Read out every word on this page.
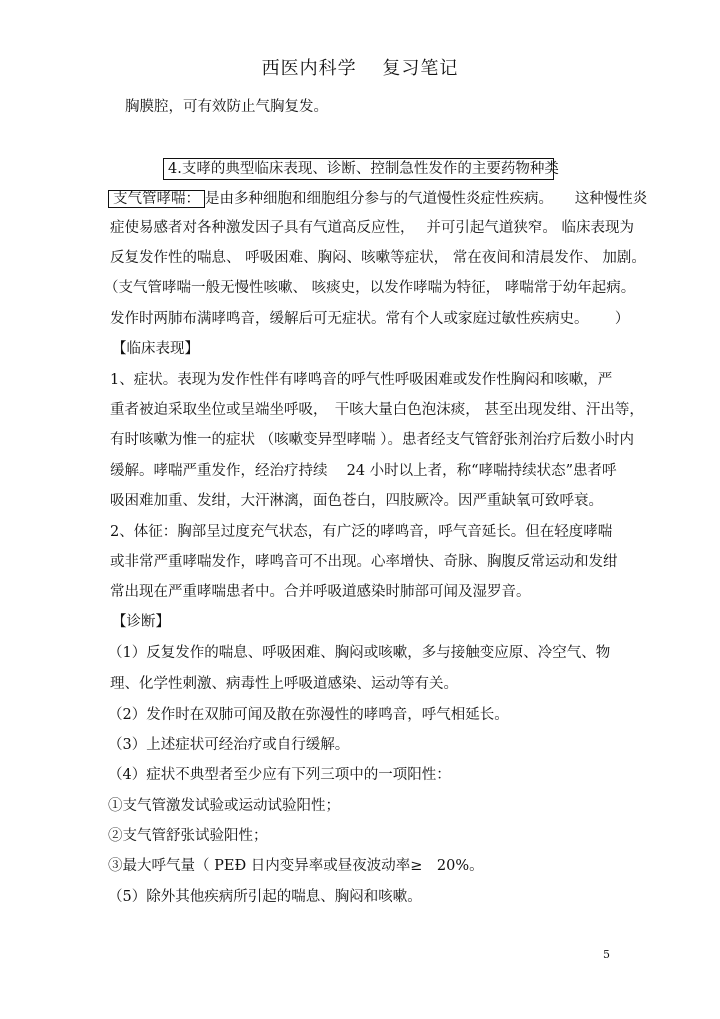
西医内科学　 复习笔记
胸膜腔，可有效防止气胸复发。
4.支哮的典型临床表现、诊断、控制急性发作的主要药物种类
支气管哮喘： 是由多种细胞和细胞组分参与的气道慢性炎症性疾病。　　这种慢性炎
症使易感者对各种激发因子具有气道高反应性，　 并可引起气道狭窄。 临床表现为
反复发作性的喘息、 呼吸困难、胸闷、咳嗽等症状， 常在夜间和清晨发作、 加剧。
（支气管哮喘一般无慢性咳嗽、 咳痰史，以发作哮喘为特征， 哮喘常于幼年起病。
发作时两肺布满哮鸣音，缓解后可无症状。常有个人或家庭过敏性疾病史。　　 ）
【临床表现】
1、症状。表现为发作性伴有哮鸣音的呼气性呼吸困难或发作性胸闷和咳嗽，严
重者被迫采取坐位或呈端坐呼吸，　干咳大量白色泡沫痰， 甚至出现发绀、汗出等，
有时咳嗽为惟一的症状 （咳嗽变异型哮喘 ）。患者经支气管舒张剂治疗后数小时内
缓解。哮喘严重发作，经治疗持续　 24 小时以上者，称“哮喘持续状态”患者呼
吸困难加重、发绀，大汗淋漓，面色苍白，四肢厥冷。因严重缺氧可致呼衰。
2、体征：胸部呈过度充气状态，有广泛的哮鸣音，呼气音延长。但在轻度哮喘
或非常严重哮喘发作，哮鸣音可不出现。心率增快、奇脉、胸腹反常运动和发绀
常出现在严重哮喘患者中。合并呼吸道感染时肺部可闻及湿罗音。
【诊断】
（1）反复发作的喘息、呼吸困难、胸闷或咳嗽，多与接触变应原、冷空气、物
理、化学性刺激、病毒性上呼吸道感染、运动等有关。
（2）发作时在双肺可闻及散在弥漫性的哮鸣音，呼气相延长。
（3）上述症状可经治疗或自行缓解。
（4）症状不典型者至少应有下列三项中的一项阳性：
①支气管激发试验或运动试验阳性；
②支气管舒张试验阳性；
③最大呼气量（ PEĐ 日内变异率或昼夜波动率≥　20%。
（5）除外其他疾病所引起的喘息、胸闷和咳嗽。
5
